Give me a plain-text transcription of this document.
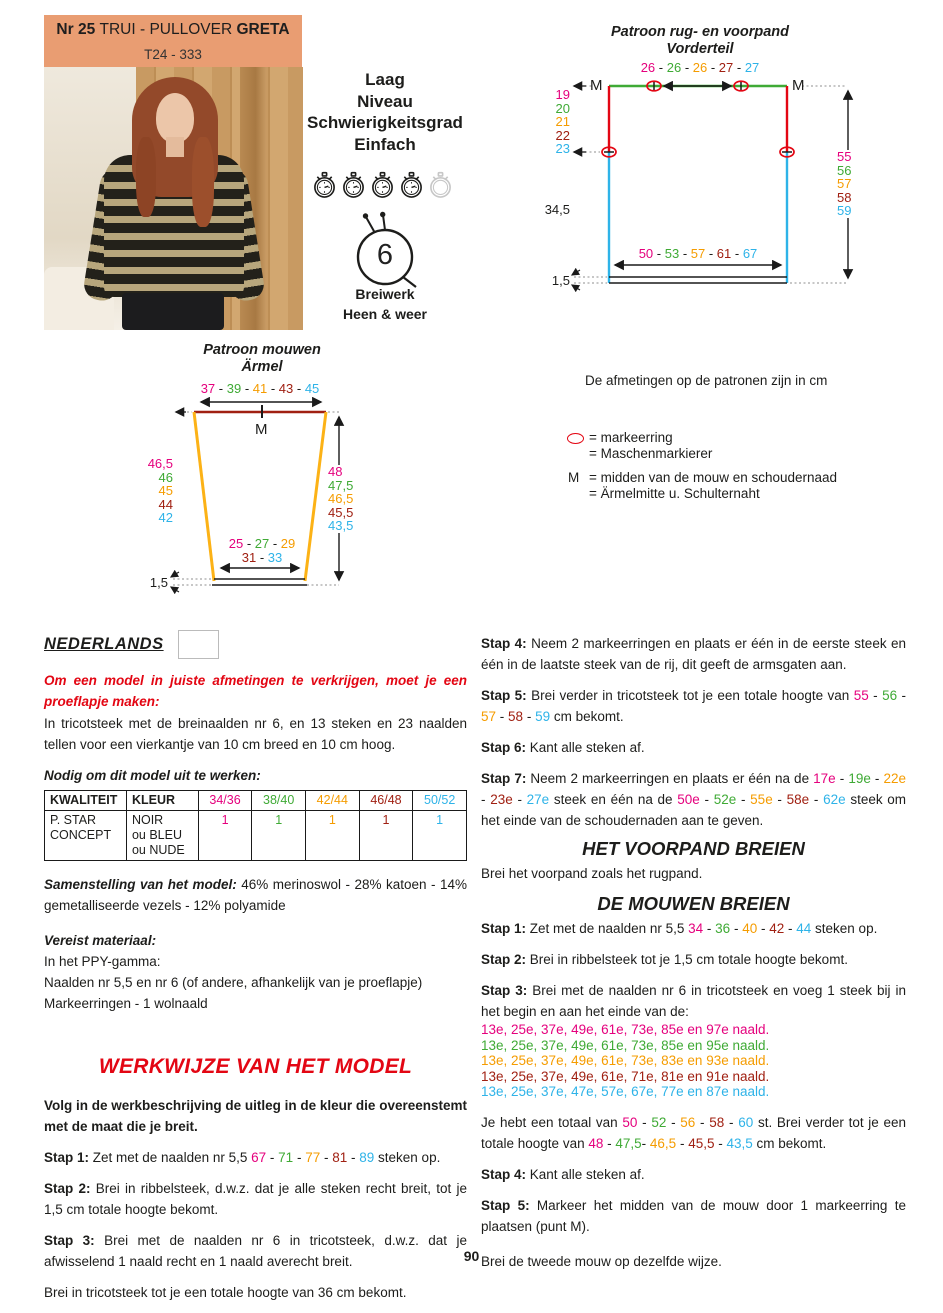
Nr 25 TRUI - PULLOVER GRETA
T24 - 333
Laag
Niveau
Schwierigkeitsgrad
Einfach
6
Breiwerk
Heen & weer
Patroon rug- en voorpand
Vorderteil
26 - 26 - 26 - 27 - 27
M	M
19
20
21
22
23
55
56
57
58
59
34,5
50 - 53 - 57 - 61 - 67
1,5
Patroon mouwen
Ärmel
37 - 39 - 41 - 43 - 45
M
46,5
46
45
44
42
48
47,5
46,5
45,5
43,5
25 - 27 - 29
31 - 33
1,5
De afmetingen op de patronen zijn in cm
= markeerring
= Maschenmarkierer
M = midden van de mouw en schoudernaad
= Ärmelmitte u. Schulternaht
NEDERLANDS

Om een model in juiste afmetingen te verkrijgen, moet je een proeflapje maken:

In tricotsteek met de breinaalden nr 6, en 13 steken en 23 naalden tellen voor een vierkantje van 10 cm breed en 10 cm hoog.

Nodig om dit model uit te werken:

KWALITEIT	KLEUR	34/36	38/40	42/44	46/48	50/52

P. STAR
CONCEPT

NOIR
ou BLEU
ou NUDE
	1	1	1	1	1

Samenstelling van het model: 46% merinoswol - 28% katoen - 14% gemetalliseerde vezels - 12% polyamide

Vereist materiaal:

In het PPY-gamma:
Naalden nr 5,5 en nr 6 (of andere, afhankelijk van je proeflapje)
Markeerringen - 1 wolnaald
WERKWIJZE VAN HET MODEL

Volg in de werkbeschrijving de uitleg in de kleur die overeenstemt met de maat die je breit.

Stap 1: Zet met de naalden nr 5,5 67 - 71 - 77 - 81 - 89 steken op.

Stap 2: Brei in ribbelsteek, d.w.z. dat je alle steken recht breit, tot je 1,5 cm totale hoogte bekomt.

Stap 3: Brei met de naalden nr 6 in tricotsteek, d.w.z. dat je afwisselend 1 naald recht en 1 naald averecht breit.

Brei in tricotsteek tot je een totale hoogte van 36 cm bekomt.

Stap 4: Neem 2 markeerringen en plaats er één in de eerste steek en één in de laatste steek van de rij, dit geeft de armsgaten aan.

Stap 5: Brei verder in tricotsteek tot je een totale hoogte van 55 - 56 - 57 - 58 - 59 cm bekomt.

Stap 6: Kant alle steken af.

Stap 7: Neem 2 markeerringen en plaats er één na de 17e - 19e - 22e - 23e - 27e steek en één na de 50e - 52e - 55e - 58e - 62e steek om het einde van de schoudernaden aan te geven.

HET VOORPAND BREIEN

Brei het voorpand zoals het rugpand.

DE MOUWEN BREIEN

Stap 1: Zet met de naalden nr 5,5 34 - 36 - 40 - 42 - 44 steken op.

Stap 2: Brei in ribbelsteek tot je 1,5 cm totale hoogte bekomt.

Stap 3: Brei met de naalden nr 6 in tricotsteek en voeg 1 steek bij in het begin en aan het einde van de:

13e, 25e, 37e, 49e, 61e, 73e, 85e en 97e naald.
13e, 25e, 37e, 49e, 61e, 73e, 85e en 95e naald.
13e, 25e, 37e, 49e, 61e, 73e, 83e en 93e naald.
13e, 25e, 37e, 49e, 61e, 71e, 81e en 91e naald.
13e, 25e, 37e, 47e, 57e, 67e, 77e en 87e naald.

Je hebt een totaal van 50 - 52 - 56 - 58 - 60 st. Brei verder tot je een totale hoogte van 48 - 47,5- 46,5 - 45,5 - 43,5 cm bekomt.

Stap 4: Kant alle steken af.

Stap 5: Markeer het midden van de mouw door 1 markeerring te plaatsen (punt M).

Brei de tweede mouw op dezelfde wijze.

90
